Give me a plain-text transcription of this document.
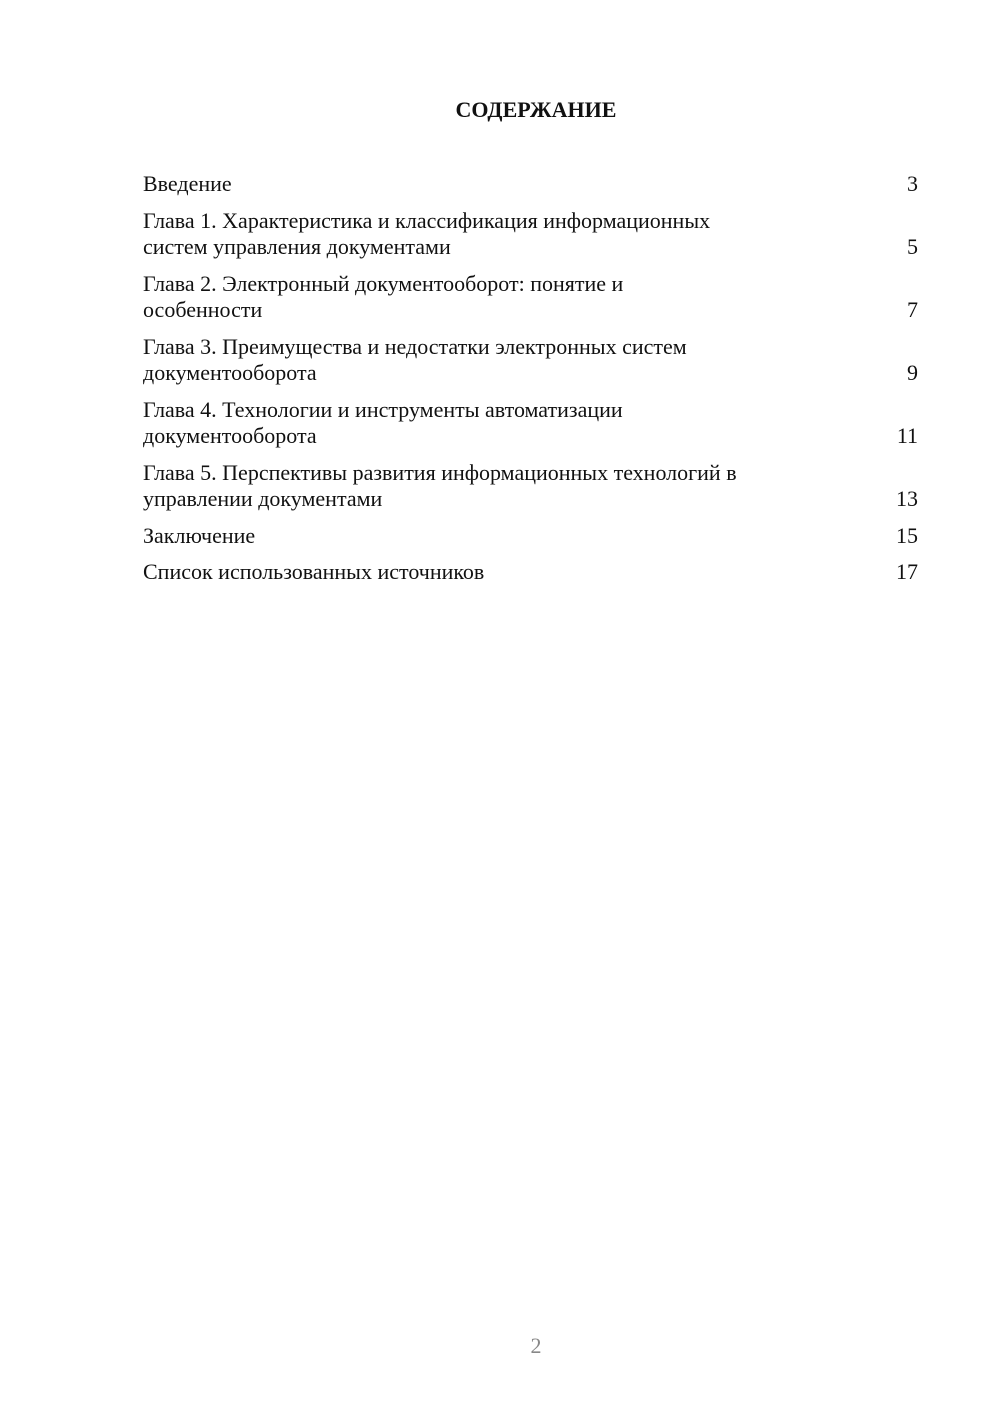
СОДЕРЖАНИЕ
Введение	3
Глава 1. Характеристика и классификация информационных
систем управления документами	5
Глава 2. Электронный документооборот: понятие и
особенности	7
Глава 3. Преимущества и недостатки электронных систем
документооборота	9
Глава 4. Технологии и инструменты автоматизации
документооборота	11
Глава 5. Перспективы развития информационных технологий в
управлении документами	13
Заключение	15
Список использованных источников	17
2
